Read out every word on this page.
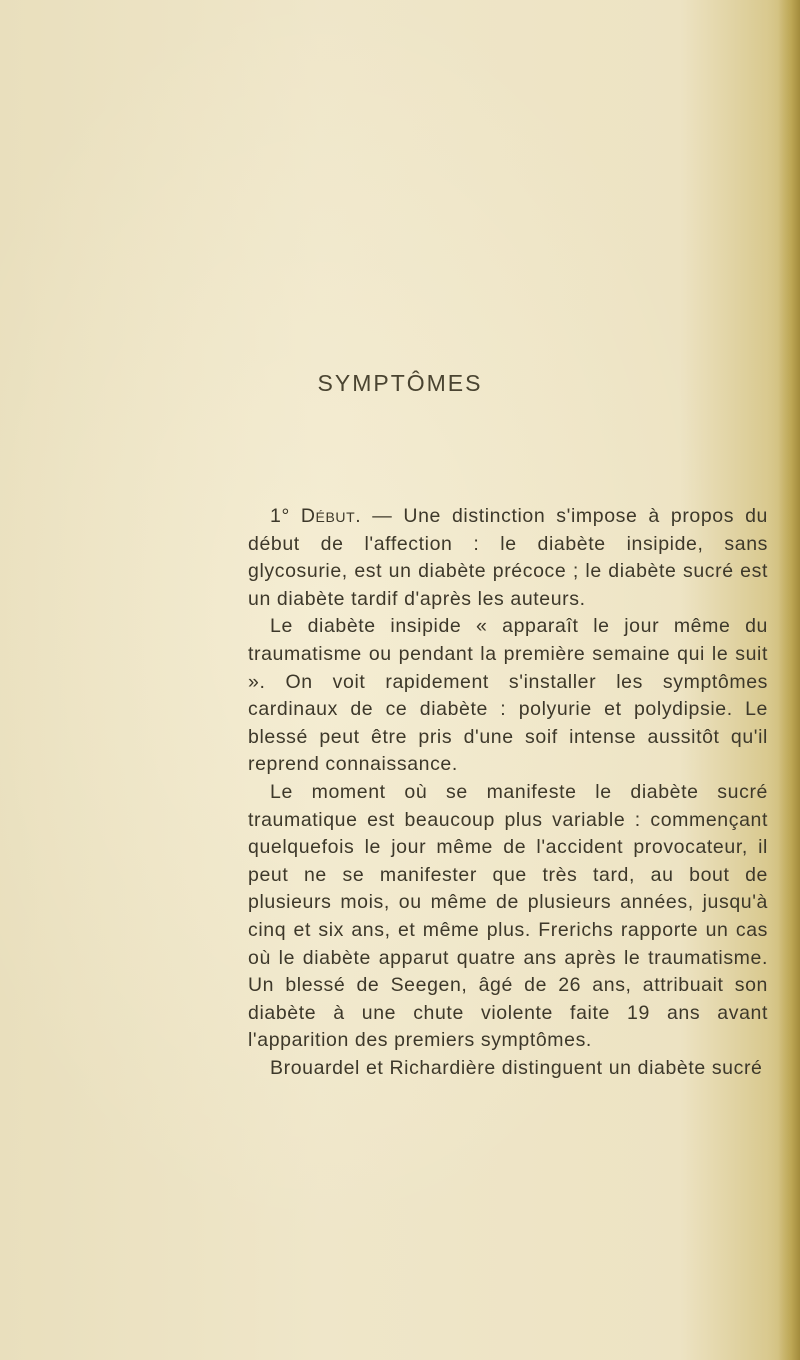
SYMPTÔMES

1° Début. — Une distinction s'impose à propos du début de l'affection : le diabète insipide, sans glycosurie, est un diabète précoce ; le diabète sucré est un diabète tardif d'après les auteurs.

Le diabète insipide « apparaît le jour même du traumatisme ou pendant la première semaine qui le suit ». On voit rapidement s'installer les symptômes cardinaux de ce diabète : polyurie et polydipsie. Le blessé peut être pris d'une soif intense aussitôt qu'il reprend connaissance.

Le moment où se manifeste le diabète sucré traumatique est beaucoup plus variable : commençant quelquefois le jour même de l'accident provocateur, il peut ne se manifester que très tard, au bout de plusieurs mois, ou même de plusieurs années, jusqu'à cinq et six ans, et même plus. Frerichs rapporte un cas où le diabète apparut quatre ans après le traumatisme. Un blessé de Seegen, âgé de 26 ans, attribuait son diabète à une chute violente faite 19 ans avant l'apparition des premiers symptômes.

Brouardel et Richardière distinguent un diabète sucré
